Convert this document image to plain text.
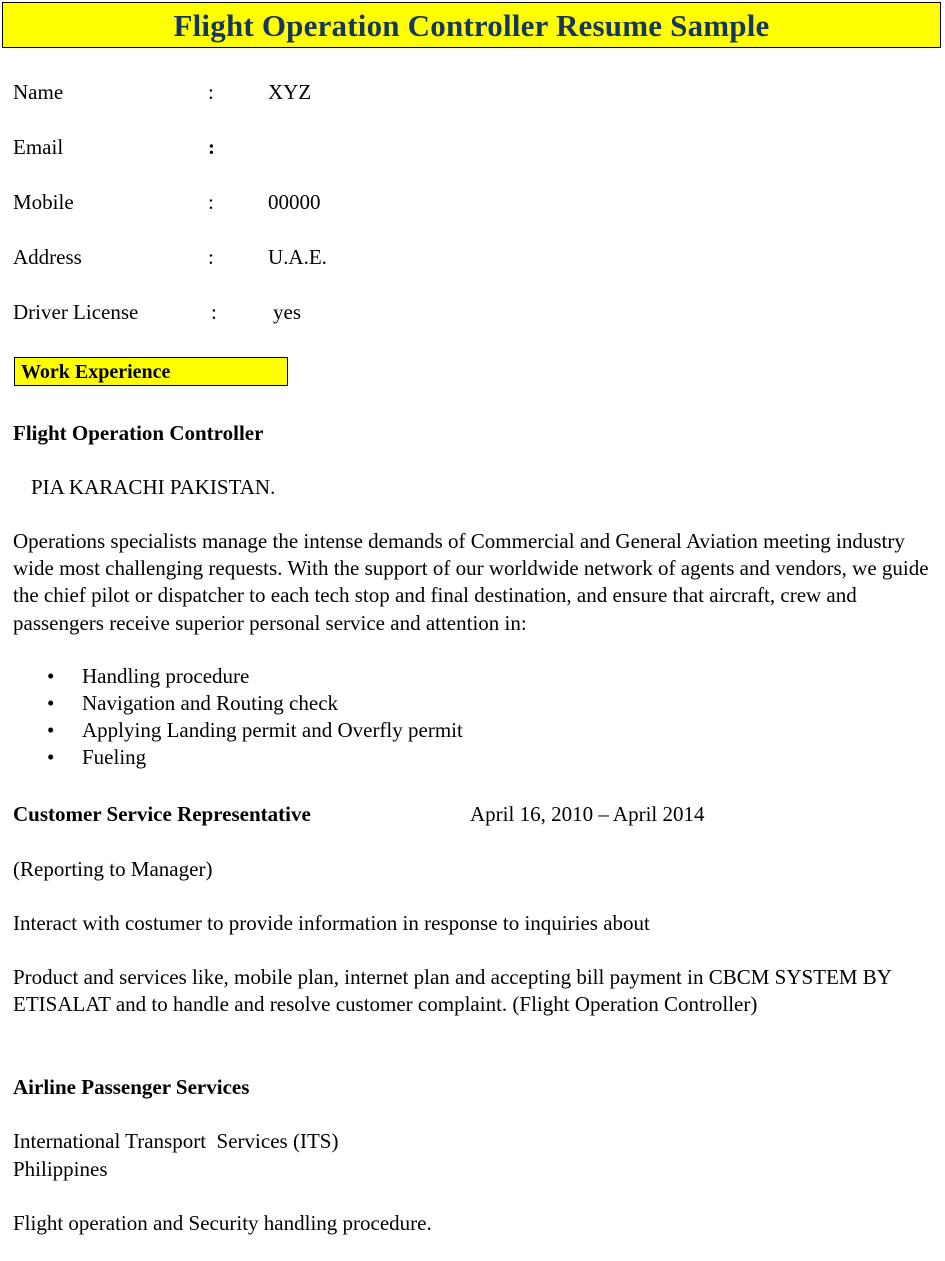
Flight Operation Controller Resume Sample
Name	:	XYZ
Email	:
Mobile	:	00000
Address	:	U.A.E.
Driver License	:	yes
Work Experience
Flight Operation Controller
PIA KARACHI PAKISTAN.
Operations specialists manage the intense demands of Commercial and General Aviation meeting industry wide most challenging requests. With the support of our worldwide network of agents and vendors, we guide the chief pilot or dispatcher to each tech stop and final destination, and ensure that aircraft, crew and passengers receive superior personal service and attention in:
• Handling procedure
• Navigation and Routing check
• Applying Landing permit and Overfly permit
• Fueling
Customer Service Representative	April 16, 2010 – April 2014
(Reporting to Manager)
Interact with costumer to provide information in response to inquiries about
Product and services like, mobile plan, internet plan and accepting bill payment in CBCM SYSTEM BY ETISALAT and to handle and resolve customer complaint. (Flight Operation Controller)
Airline Passenger Services
International Transport  Services (ITS)
Philippines
Flight operation and Security handling procedure.
